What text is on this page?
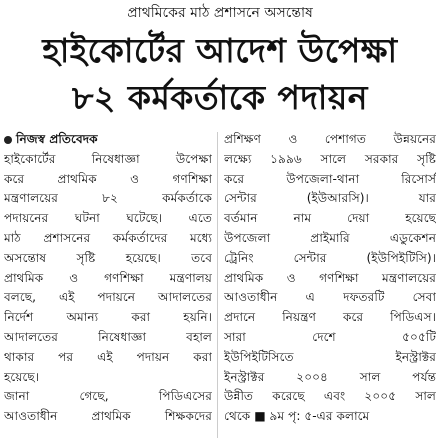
প্রাথমিকের মাঠ প্রশাসনে অসন্তোষ
হাইকোর্টের আদেশ উপেক্ষা
৮২ কর্মকর্তাকে পদায়ন
নিজস্ব প্রতিবেদক
হাইকোর্টের নিষেধাজ্ঞা উপেক্ষা
করে প্রাথমিক ও গণশিক্ষা
মন্ত্রণালয়ের ৮২ কর্মকর্তাকে
পদায়নের ঘটনা ঘটেছে। এতে
মাঠ প্রশাসনের কর্মকর্তাদের মধ্যে
অসন্তোষ সৃষ্টি হয়েছে। তবে
প্রাথমিক ও গণশিক্ষা মন্ত্রণালয়
বলছে, এই পদায়নে আদালতের
নির্দেশ অমান্য করা হয়নি।
আদালতের নিষেধাজ্ঞা বহাল
থাকার পর এই পদায়ন করা
হয়েছে।
জানা গেছে, পিডিএসের
আওতাধীন প্রাথমিক শিক্ষকদের
প্রশিক্ষণ ও পেশাগত উন্নয়নের
লক্ষ্যে ১৯৯৬ সালে সরকার সৃষ্টি
করে উপজেলা-থানা রিসোর্স
সেন্টার (ইউআরসি)। যার
বর্তমান নাম দেয়া হয়েছে
উপজেলা প্রাইমারি এডুকেশন
ট্রেনিং সেন্টার (ইউপিইটিসি)।
প্রাথমিক ও গণশিক্ষা মন্ত্রণালয়ের
আওতাধীন এ দফতরটি সেবা
প্রদানে নিয়ন্ত্রণ করে পিডিএস।
সারা দেশে ৫০৫টি
ইউপিইটিসিতে ইনস্ট্রাক্টর
ইনস্ট্রাক্টর ২০০৪ সাল পর্যন্ত
উন্নীত করেছে এবং ২০০৫ সাল
থেকে ■ ৯ম পৃ: ৫-এর কলামে
